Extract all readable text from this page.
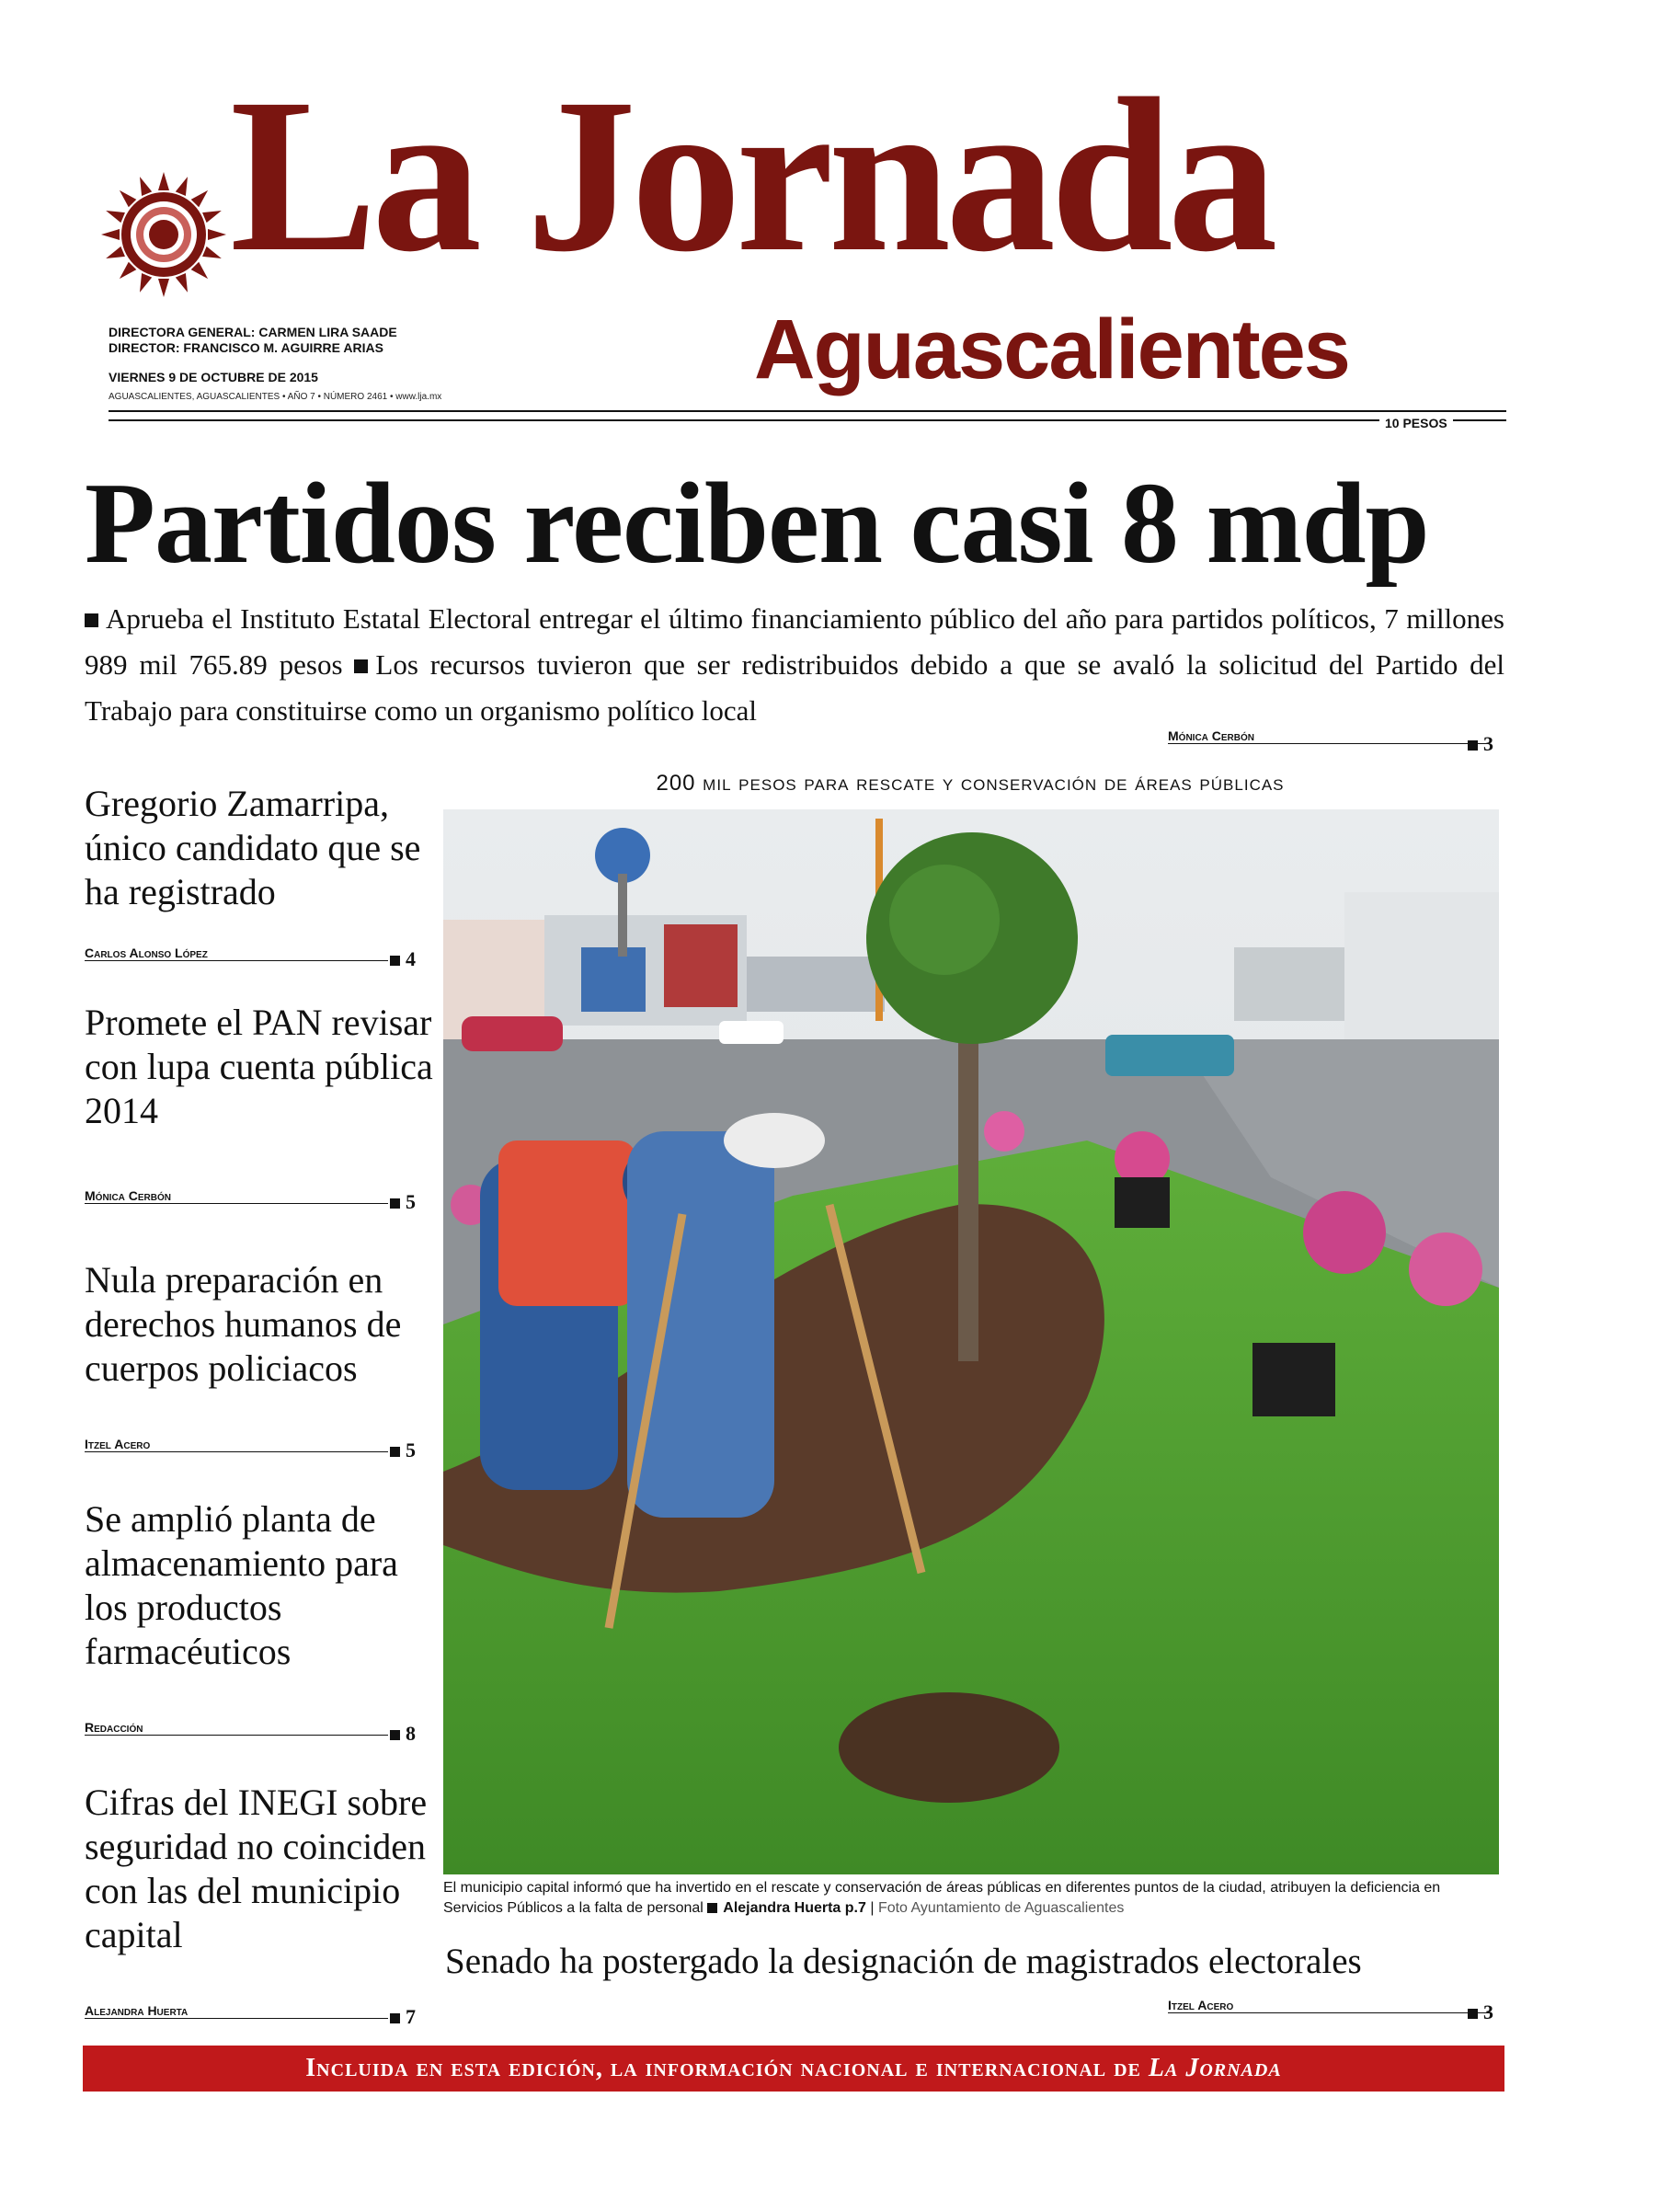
La Jornada
Aguascalientes
DIRECTORA GENERAL: CARMEN LIRA SAADE
DIRECTOR: FRANCISCO M. AGUIRRE ARIAS
VIERNES 9 DE OCTUBRE DE 2015
AGUASCALIENTES, AGUASCALIENTES • AÑO 7 • NÚMERO 2461 • www.lja.mx
10 PESOS
Partidos reciben casi 8 mdp
Aprueba el Instituto Estatal Electoral entregar el último financiamiento público del año para partidos políticos, 7 millones 989 mil 765.89 pesos Los recursos tuvieron que ser redistribuidos debido a que se avaló la solicitud del Partido del Trabajo para constituirse como un organismo político local
Mónica Cerbón	3
Gregorio Zamarripa, único candidato que se ha registrado
Carlos Alonso López	4
Promete el PAN revisar con lupa cuenta pública 2014
Mónica Cerbón	5
Nula preparación en derechos humanos de cuerpos policiacos
Itzel Acero	5
Se amplió planta de almacenamiento para los productos farmacéuticos
Redacción	8
Cifras del INEGI sobre seguridad no coinciden con las del municipio capital
Alejandra Huerta	7
200 mil pesos para rescate y conservación de áreas públicas
El municipio capital informó que ha invertido en el rescate y conservación de áreas públicas en diferentes puntos de la ciudad, atribuyen la deficiencia en Servicios Públicos a la falta de personal Alejandra Huerta p.7 | Foto Ayuntamiento de Aguascalientes
Senado ha postergado la designación de magistrados electorales
Itzel Acero	3
Incluida en esta edición, la información nacional e internacional de La Jornada
